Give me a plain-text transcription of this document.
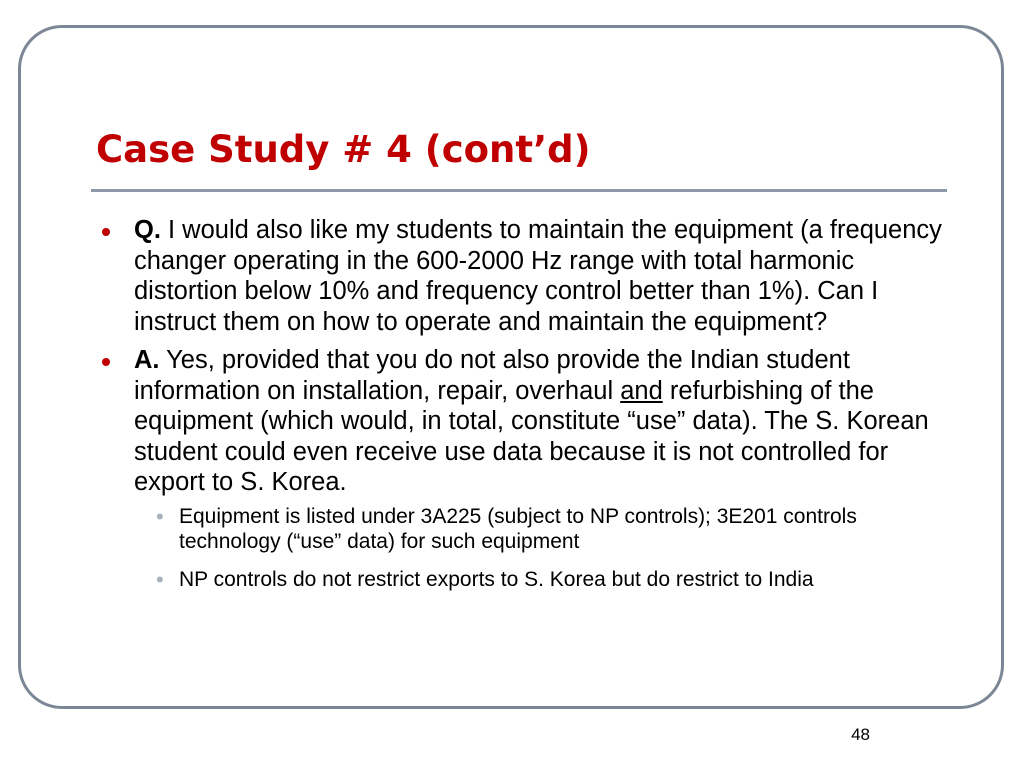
Case Study # 4 (cont’d)
Q. I would also like my students to maintain the equipment (a frequency changer operating in the 600-2000 Hz range with total harmonic distortion below 10% and frequency control better than 1%). Can I instruct them on how to operate and maintain the equipment?
A. Yes, provided that you do not also provide the Indian student information on installation, repair, overhaul and refurbishing of the equipment (which would, in total, constitute “use” data). The S. Korean student could even receive use data because it is not controlled for export to S. Korea.
• Equipment is listed under 3A225 (subject to NP controls); 3E201 controls technology (“use” data) for such equipment
• NP controls do not restrict exports to S. Korea but do restrict to India
48
